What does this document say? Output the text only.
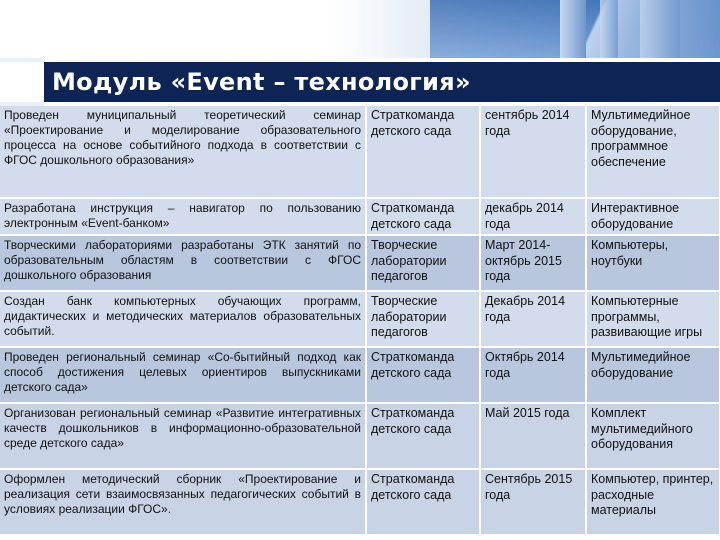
Модуль «Event – технология»
Проведен муниципальный теоретический семинар «Проектирование и моделирование образовательного процесса на основе событийного подхода в соответствии с ФГОС дошкольного образования»	Страткоманда детского сада	сентябрь 2014 года	Мультимедийное оборудование, программное обеспечение
Разработана инструкция – навигатор по пользованию электронным «Event-банком»	Страткоманда детского сада	декабрь 2014 года	Интерактивное оборудование
Творческими лабораториями разработаны ЭТК занятий по образовательным областям в соответствии с ФГОС дошкольного образования	Творческие лаборатории педагогов	Март 2014- октябрь 2015 года	Компьютеры, ноутбуки
Создан банк компьютерных обучающих программ, дидактических и методических материалов образовательных событий.	Творческие лаборатории педагогов	Декабрь 2014 года	Компьютерные программы, развивающие игры
Проведен региональный семинар «Со-бытийный подход как способ достижения целевых ориентиров выпускниками детского сада»	Страткоманда детского сада	Октябрь 2014 года	Мультимедийное оборудование
Организован региональный семинар «Развитие интегративных качеств дошкольников в информационно-образовательной среде детского сада»	Страткоманда детского сада	Май 2015 года	Комплект мультимедийного оборудования
Оформлен методический сборник «Проектирование и реализация сети взаимосвязанных педагогических событий в условиях реализации ФГОС».	Страткоманда детского сада	Сентябрь 2015 года	Компьютер, принтер, расходные материалы
